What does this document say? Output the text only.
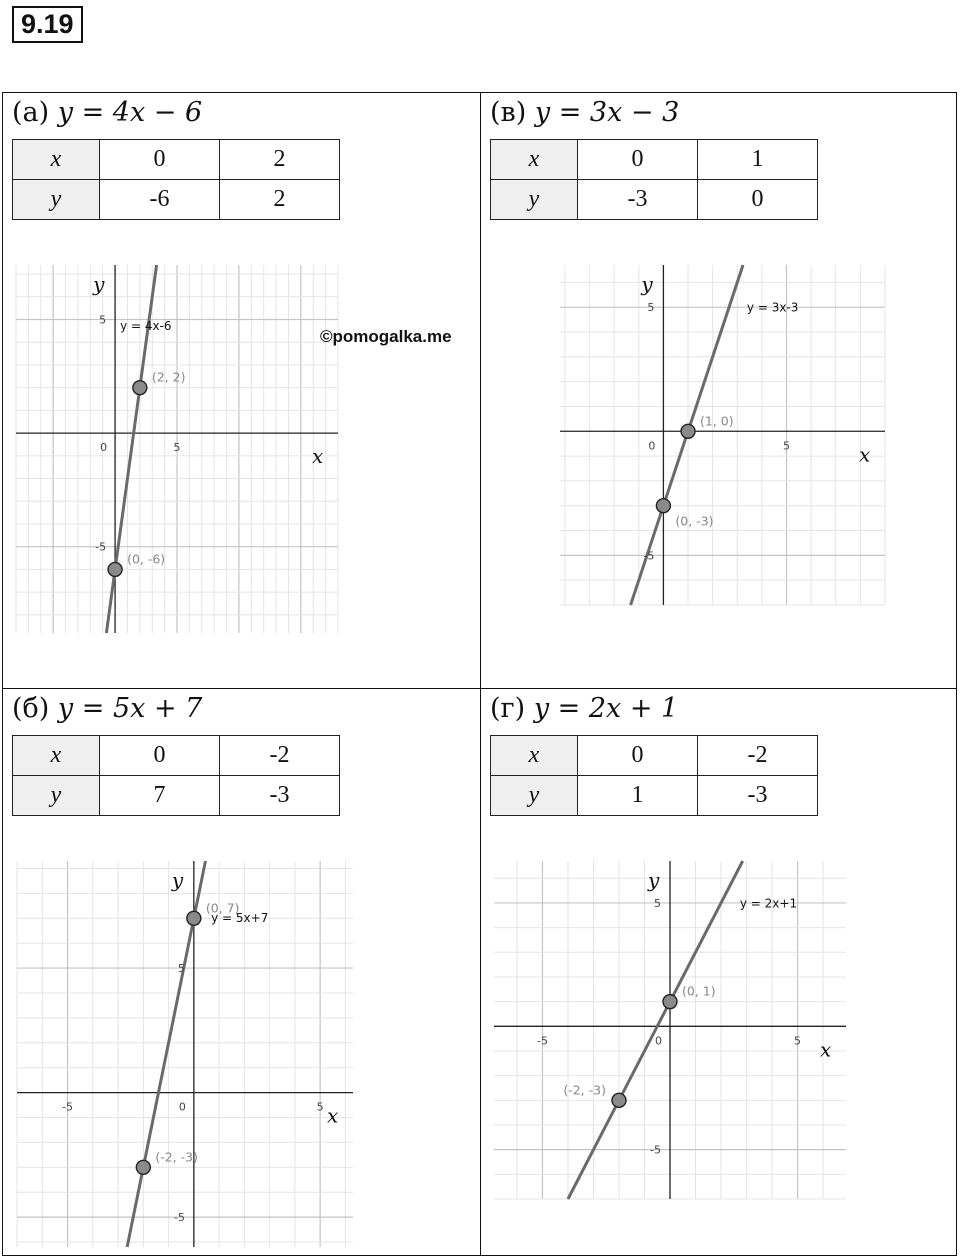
9.19
(а) y = 4x − 6
x	0	2
y	-6	2
0	5
5
-5
x
y
y = 4x-6
(2, 2)
(0, -6)
(в) y = 3x − 3
x	0	1
y	-3	0
0	5
5
-5
x
y
y = 3x-3
(1, 0)
(0, -3)
(б) y = 5x + 7
x	0	-2
y	7	-3
0
-5	5
5
-5
x
y
y = 5x+7
(0, 7)
(-2, -3)
(г) y = 2x + 1
x	0	-2
y	1	-3
0
-5	5
5
-5
x
y
y = 2x+1
(0, 1)
(-2, -3)
©pomogalka.me
